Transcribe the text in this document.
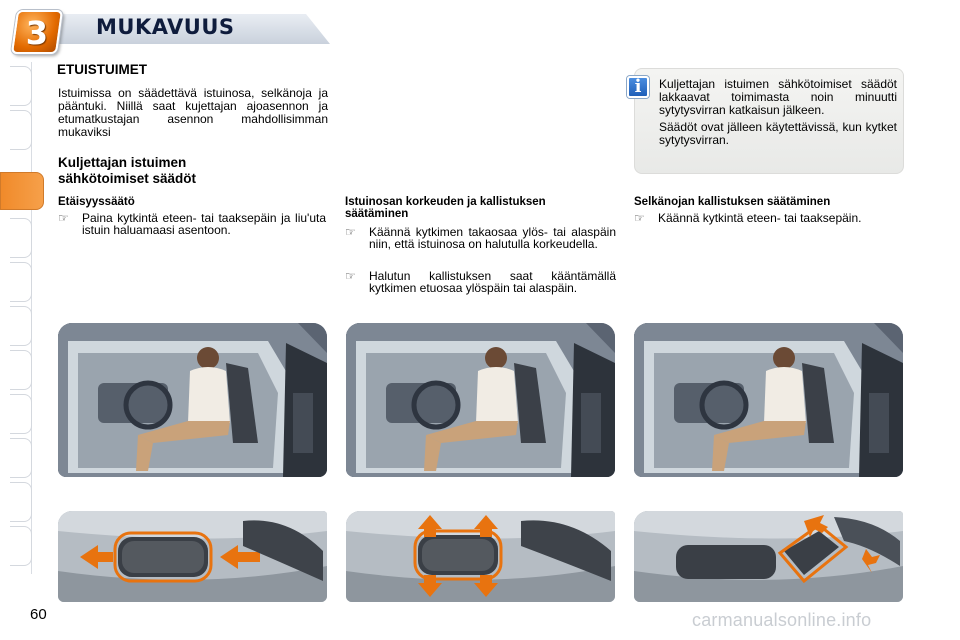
3	MUKAVUUS
ETUISTUIMET
Istuimissa on säädettävä istuinosa, selkänoja ja pääntuki. Niillä saat kujettajan ajoasennon ja etumatkustajan asennon mahdollisimman mukaviksi
Kuljettajan istuimen
sähkötoimiset säädöt
Etäisyyssäätö
☞ Paina kytkintä eteen- tai taaksepäin ja liu'uta istuin haluamaasi asentoon.
Istuinosan korkeuden ja kallistuksen
säätäminen
☞ Käännä kytkimen takaosaa ylös- tai alaspäin niin, että istuinosa on halutulla korkeudella.
☞ Halutun kallistuksen saat kääntämällä kytkimen etuosaa ylöspäin tai alaspäin.
Selkänojan kallistuksen säätäminen
☞ Käännä kytkintä eteen- tai taaksepäin.
i	Kuljettajan istuimen sähkötoimiset säädöt lakkaavat toimimasta noin minuutti sytytysvirran katkaisun jälkeen.

Säädöt ovat jälleen käytettävissä, kun kytket sytytysvirran.

60	carmanualsonline.info
